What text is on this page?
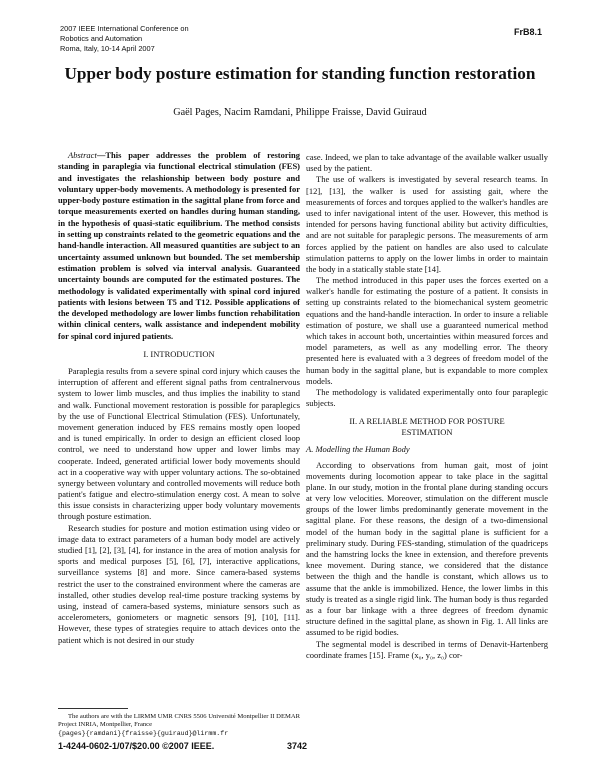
2007 IEEE International Conference on
Robotics and Automation
Roma, Italy, 10-14 April 2007
FrB8.1
Upper body posture estimation for standing function restoration
Gaël Pages, Nacim Ramdani, Philippe Fraisse, David Guiraud

Abstract—This paper addresses the problem of restoring standing in paraplegia via functional electrical stimulation (FES) and investigates the relashionship between body posture and voluntary upper-body movements. A methodology is presented for upper-body posture estimation in the sagittal plane from force and torque measurements exerted on handles during human standing, in the hypothesis of quasi-static equilibrium. The method consists in setting up constraints related to the geometric equations and the hand-handle interaction. All measured quantities are subject to an uncertainty assumed unknown but bounded. The set membership estimation problem is solved via interval analysis. Guaranteed uncertainty bounds are computed for the estimated postures. The methodology is validated experimentally with spinal cord injured patients with lesions between T5 and T12. Possible applications of the developed methodology are lower limbs function rehabilitation within clinical centers, walk assistance and independent mobility for spinal cord injured patients.

I. INTRODUCTION

Paraplegia results from a severe spinal cord injury which causes the interruption of afferent and efferent signal paths from centralnervous system to lower limb muscles, and thus implies the inability to stand and walk. Functional movement restoration is possible for paraplegics by the use of Functional Electrical Stimulation (FES). Unfortunately, movement generation induced by FES remains mostly open looped and is tuned empirically. In order to design an efficient closed loop control, we need to understand how upper and lower limbs may cooperate. Indeed, generated artificial lower body movements should act in a cooperative way with upper voluntary actions. The so-obtained synergy between voluntary and controlled movements will reduce both patient's fatigue and electro-stimulation energy cost. A mean to solve this issue consists in characterizing upper body voluntary movements through posture estimation.

Research studies for posture and motion estimation using video or image data to extract parameters of a human body model are actively studied [1], [2], [3], [4], for instance in the area of motion analysis for sports and medical purposes [5], [6], [7], interactive applications, surveillance systems [8] and more. Since camera-based systems restrict the user to the constrained environment where the cameras are installed, other studies develop real-time posture tracking systems by using, instead of camera-based systems, miniature sensors such as accelerometers, goniometers or magnetic sensors [9], [10], [11]. However, these types of strategies require to attach devices onto the patient which is not desired in our study

case. Indeed, we plan to take advantage of the available walker usually used by the patient.

The use of walkers is investigated by several research teams. In [12], [13], the walker is used for assisting gait, where the measurements of forces and torques applied to the walker's handles are used to infer navigational intent of the user. However, this method is intended for persons having functional ability but activity difficulties, and are not suitable for paraplegic persons. The measurements of arm forces applied by the patient on handles are also used to calculate stimulation patterns to apply on the lower limbs in order to maintain the body in a statically stable state [14].

The method introduced in this paper uses the forces exerted on a walker's handle for estimating the posture of a patient. It consists in setting up constraints related to the biomechanical system geometric equations and the hand-handle interaction. In order to insure a reliable estimation of posture, we shall use a guaranteed numerical method which takes in account both, uncertainties within measured forces and model parameters, as well as any modelling error. The theory presented here is evaluated with a 3 degrees of freedom model of the human body in the sagittal plane, but is expandable to more complex models.

The methodology is validated experimentally onto four paraplegic subjects.

II. A RELIABLE METHOD FOR POSTURE
ESTIMATION
A. Modelling the Human Body

According to observations from human gait, most of joint movements during locomotion appear to take place in the sagittal plane. In our study, motion in the frontal plane during standing occurs at very low velocities. Moreover, stimulation on the different muscle groups of the lower limbs predominantly generate movement in the sagittal plane. For these reasons, the design of a two-dimensional model of the human body in the sagittal plane is sufficient for a preliminary study. During FES-standing, stimulation of the quadriceps and the hamstring locks the knee in extension, and therefore prevents knee movement. During stance, we considered that the distance between the thigh and the handle is constant, which allows us to assume that the ankle is immobilized. Hence, the lower limbs in this study is treated as a single rigid link. The human body is thus regarded as a four bar linkage with a three degrees of freedom dynamic structure defined in the sagittal plane, as shown in Fig. 1. All links are assumed to be rigid bodies.

The segmental model is described in terms of Denavit-Hartenberg coordinate frames [15]. Frame (x₀, y₀, z₀) cor-

The authors are with the LIRMM UMR CNRS 5506 Université Montpellier II DEMAR Project INRIA, Montpellier, France
{pages}{ramdani}{fraisse}{guiraud}@lirmm.fr
1-4244-0602-1/07/$20.00 ©2007 IEEE.	3742
